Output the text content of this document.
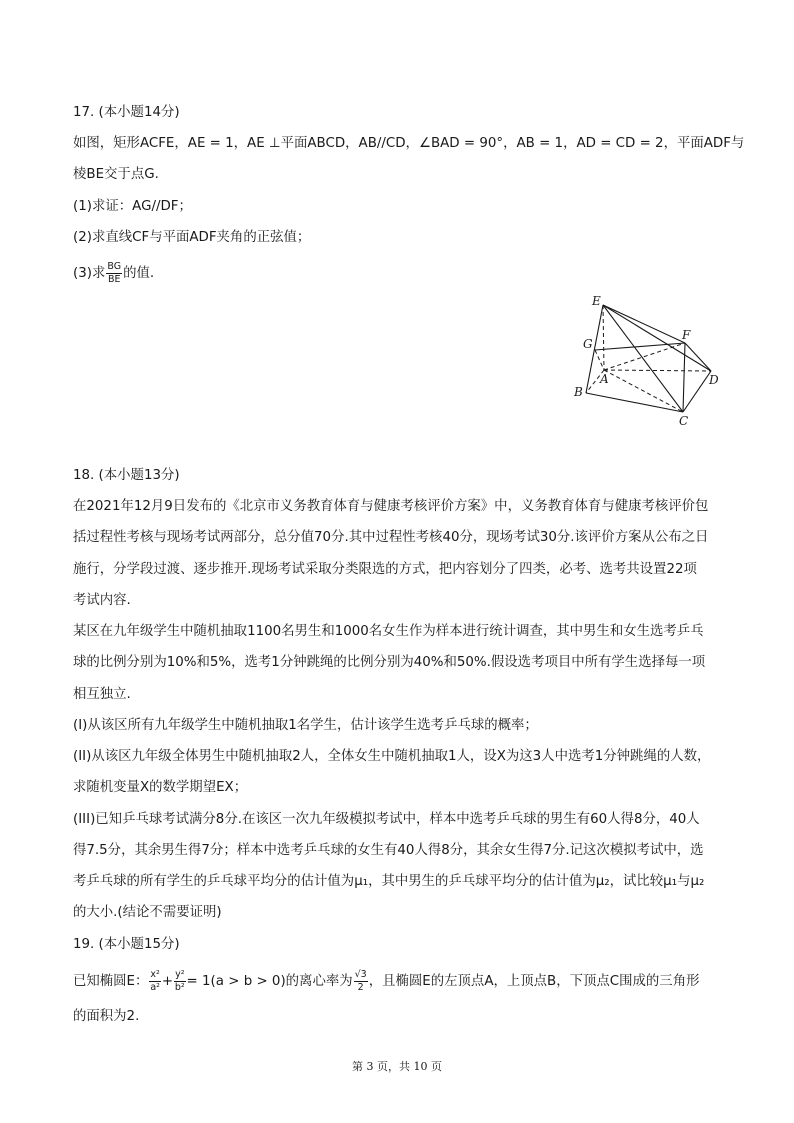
17. (本小题14分)
如图，矩形ACFE，AE = 1，AE ⊥平面ABCD，AB//CD，∠BAD = 90°，AB = 1，AD = CD = 2，平面ADF与
棱BE交于点G.
(1)求证：AG//DF；
(2)求直线CF与平面ADF夹角的正弦值；
(3)求 $\frac{BG}{BE}$ 的值.
E
F
G
A	D
B
C
18. (本小题13分)
在2021年12月9日发布的《北京市义务教育体育与健康考核评价方案》中，义务教育体育与健康考核评价包
括过程性考核与现场考试两部分，总分值70分.其中过程性考核40分，现场考试30分.该评价方案从公布之日
施行，分学段过渡、逐步推开.现场考试采取分类限选的方式，把内容划分了四类，必考、选考共设置22项
考试内容.
某区在九年级学生中随机抽取1100名男生和1000名女生作为样本进行统计调查，其中男生和女生选考乒乓
球的比例分别为10%和5%，选考1分钟跳绳的比例分别为40%和50%.假设选考项目中所有学生选择每一项
相互独立.
(I)从该区所有九年级学生中随机抽取1名学生，估计该学生选考乒乓球的概率；
(II)从该区九年级全体男生中随机抽取2人，全体女生中随机抽取1人，设X为这3人中选考1分钟跳绳的人数，
求随机变量X的数学期望EX；
(III)已知乒乓球考试满分8分.在该区一次九年级模拟考试中，样本中选考乒乓球的男生有60人得8分，40人
得7.5分，其余男生得7分；样本中选考乒乓球的女生有40人得8分，其余女生得7分.记这次模拟考试中，选
考乒乓球的所有学生的乒乓球平均分的估计值为μ₁，其中男生的乒乓球平均分的估计值为μ₂，试比较μ₁与μ₂
的大小.(结论不需要证明)
19. (本小题15分)
已知椭圆E： $\frac{\text{x²}}{\text{a²}} + \frac{\text{y²}}{\text{b²}} = 1(a > b > 0)$的离心率为 $\frac{√3}{2}$ ，且椭圆E的左顶点A，上顶点B，下顶点C围成的三角形
的面积为2.
第 3 页，共 10 页
